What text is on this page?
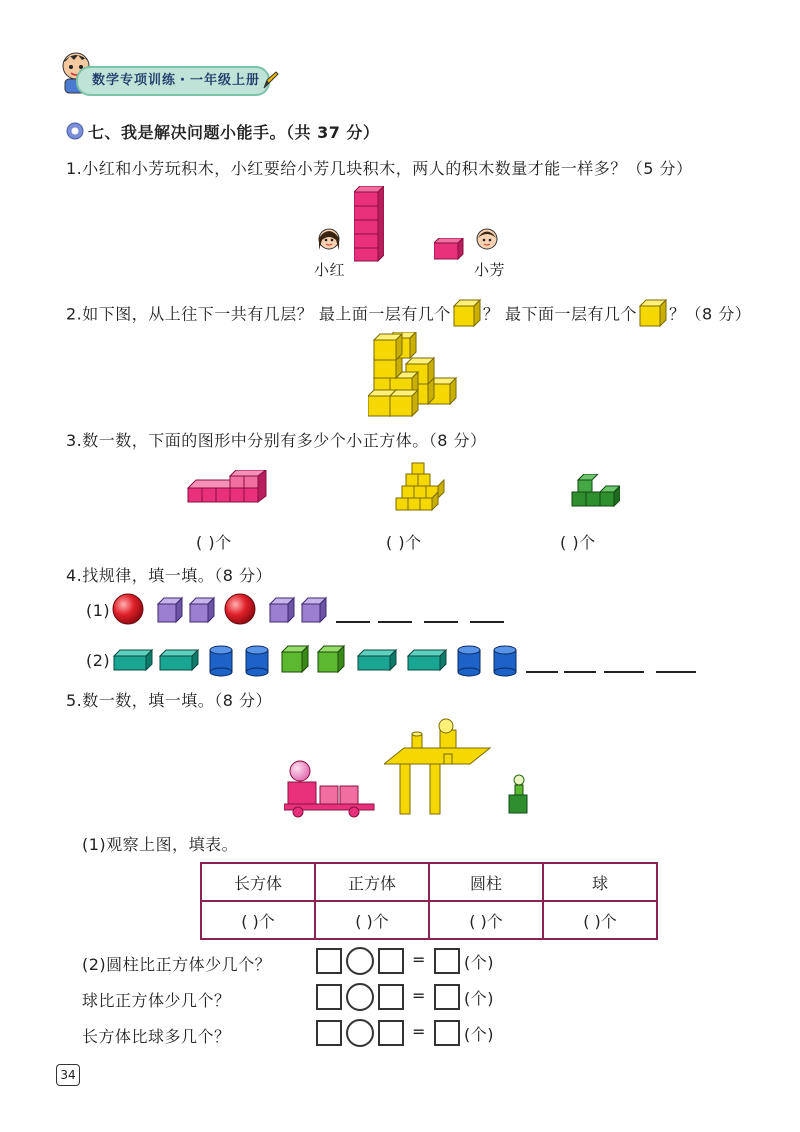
数学专项训练・一年级上册
七、我是解决问题小能手。（共 37 分）
1.小红和小芳玩积木，小红要给小芳几块积木，两人的积木数量才能一样多？（5 分）
小红	小芳
2.如下图，从上往下一共有几层？ 最上面一层有几个 ？ 最下面一层有几个 ？（8 分）
3.数一数，下面的图形中分别有多少个小正方体。（8 分）
( )个	( )个	( )个
4.找规律，填一填。（8 分）
(1)
(2)
5.数一数，填一填。（8 分）
(1)观察上图，填表。
长方体	正方体	圆柱	球
( )个	( )个	( )个	( )个
(2)圆柱比正方体少几个？
球比正方体少几个？
长方体比球多几个？
= (个)
= (个)
= (个)
34
